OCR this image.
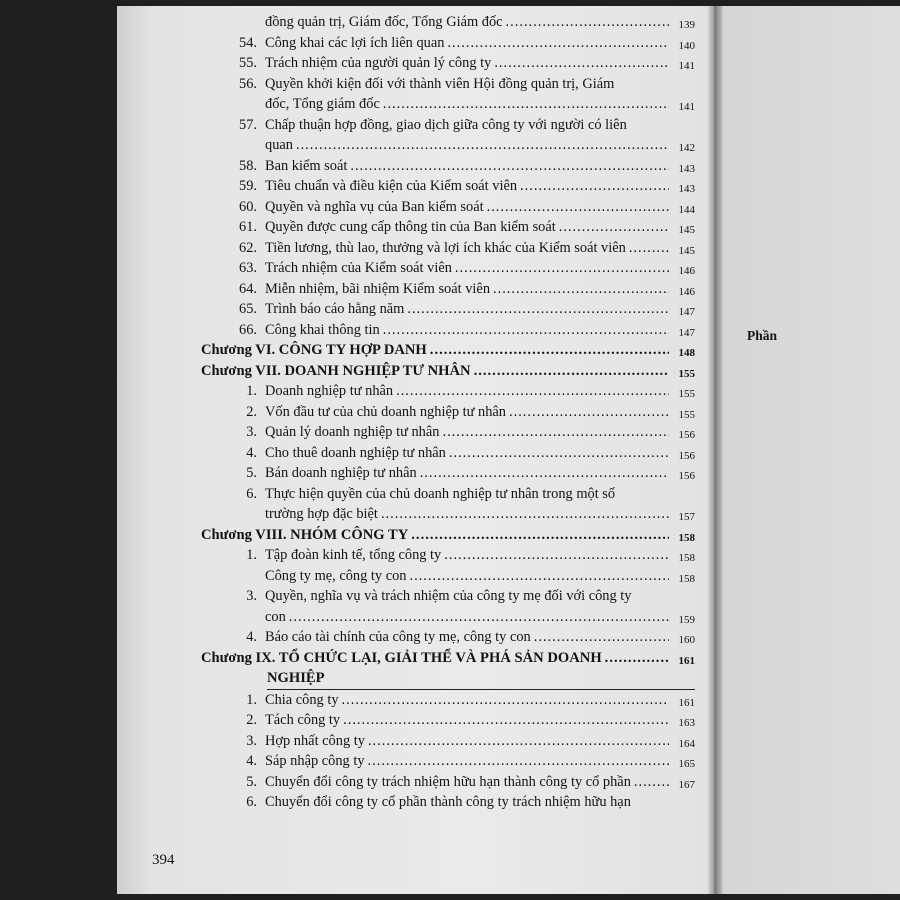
đồng quản trị, Giám đốc, Tổng Giám đốc .....	139
54. Công khai các lợi ích liên quan .....	140
55. Trách nhiệm của người quản lý công ty .....	141
56. Quyền khởi kiện đối với thành viên Hội đồng quản trị, Giám
đốc, Tổng giám đốc .....	141
57. Chấp thuận hợp đồng, giao dịch giữa công ty với người có liên
quan .....	142
58. Ban kiểm soát .....	143
59. Tiêu chuẩn và điều kiện của Kiểm soát viên .....	143
60. Quyền và nghĩa vụ của Ban kiểm soát .....	144
61. Quyền được cung cấp thông tin của Ban kiểm soát .....	145
62. Tiền lương, thù lao, thưởng và lợi ích khác của Kiểm soát viên .....	145
63. Trách nhiệm của Kiểm soát viên .....	146
64. Miễn nhiệm, bãi nhiệm Kiểm soát viên .....	146
65. Trình báo cáo hằng năm .....	147
66. Công khai thông tin .....	147
Chương VI. CÔNG TY HỢP DANH .....	148
Chương VII. DOANH NGHIỆP TƯ NHÂN .....	155
1. Doanh nghiệp tư nhân .....	155
2. Vốn đầu tư của chủ doanh nghiệp tư nhân .....	155
3. Quản lý doanh nghiệp tư nhân .....	156
4. Cho thuê doanh nghiệp tư nhân .....	156
5. Bán doanh nghiệp tư nhân .....	156
6. Thực hiện quyền của chủ doanh nghiệp tư nhân trong một số
trường hợp đặc biệt .....	157
Chương VIII. NHÓM CÔNG TY .....	158
1. Tập đoàn kinh tế, tổng công ty .....	158
Công ty mẹ, công ty con .....	158
3. Quyền, nghĩa vụ và trách nhiệm của công ty mẹ đối với công ty
con .....	159
4. Báo cáo tài chính của công ty mẹ, công ty con .....	160
Chương IX. TỔ CHỨC LẠI, GIẢI THỂ VÀ PHÁ SẢN DOANH .....	161
NGHIỆP
1. Chia công ty .....	161
2. Tách công ty .....	163
3. Hợp nhất công ty .....	164
4. Sáp nhập công ty .....	165
5. Chuyển đổi công ty trách nhiệm hữu hạn thành công ty cổ phần .....	167
6. Chuyển đổi công ty cổ phần thành công ty trách nhiệm hữu hạn
394
Phần
